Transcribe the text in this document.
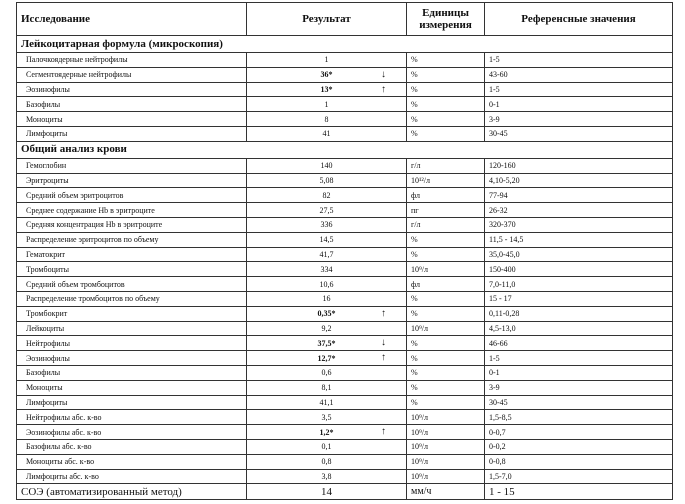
Исследование	Результат	Единицы измерения	Референсные значения
Лейкоцитарная формула (микроскопия)			
Палочкоядерные нейтрофилы	1	%	1-5
Сегментоядерные нейтрофилы	36* ↓	%	43-60
Эозинофилы	13* ↑	%	1-5
Базофилы	1	%	0-1
Моноциты	8	%	3-9
Лимфоциты	41	%	30-45
Общий анализ крови			
Гемоглобин	140	г/л	120-160
Эритроциты	5,08	10¹²/л	4,10-5,20
Средний объем эритроцитов	82	фл	77-94
Среднее содержание Hb в эритроците	27,5	пг	26-32
Средняя концентрация Hb в эритроците	336	г/л	320-370
Распределение эритроцитов по объему	14,5	%	11,5 - 14,5
Гематокрит	41,7	%	35,0-45,0
Тромбоциты	334	10⁹/л	150-400
Средний объем тромбоцитов	10,6	фл	7,0-11,0
Распределение тромбоцитов по объему	16	%	15 - 17
Тромбокрит	0,35* ↑	%	0,11-0,28
Лейкоциты	9,2	10⁹/л	4,5-13,0
Нейтрофилы	37,5* ↓	%	46-66
Эозинофилы	12,7* ↑	%	1-5
Базофилы	0,6	%	0-1
Моноциты	8,1	%	3-9
Лимфоциты	41,1	%	30-45
Нейтрофилы абс. к-во	3,5	10⁹/л	1,5-8,5
Эозинофилы абс. к-во	1,2* ↑	10⁹/л	0-0,7
Базофилы абс. к-во	0,1	10⁹/л	0-0,2
Моноциты абс. к-во	0,8	10⁹/л	0-0,8
Лимфоциты абс. к-во	3,8	10⁹/л	1,5-7,0
СОЭ (автоматизированный метод)	14	мм/ч	1 - 15
